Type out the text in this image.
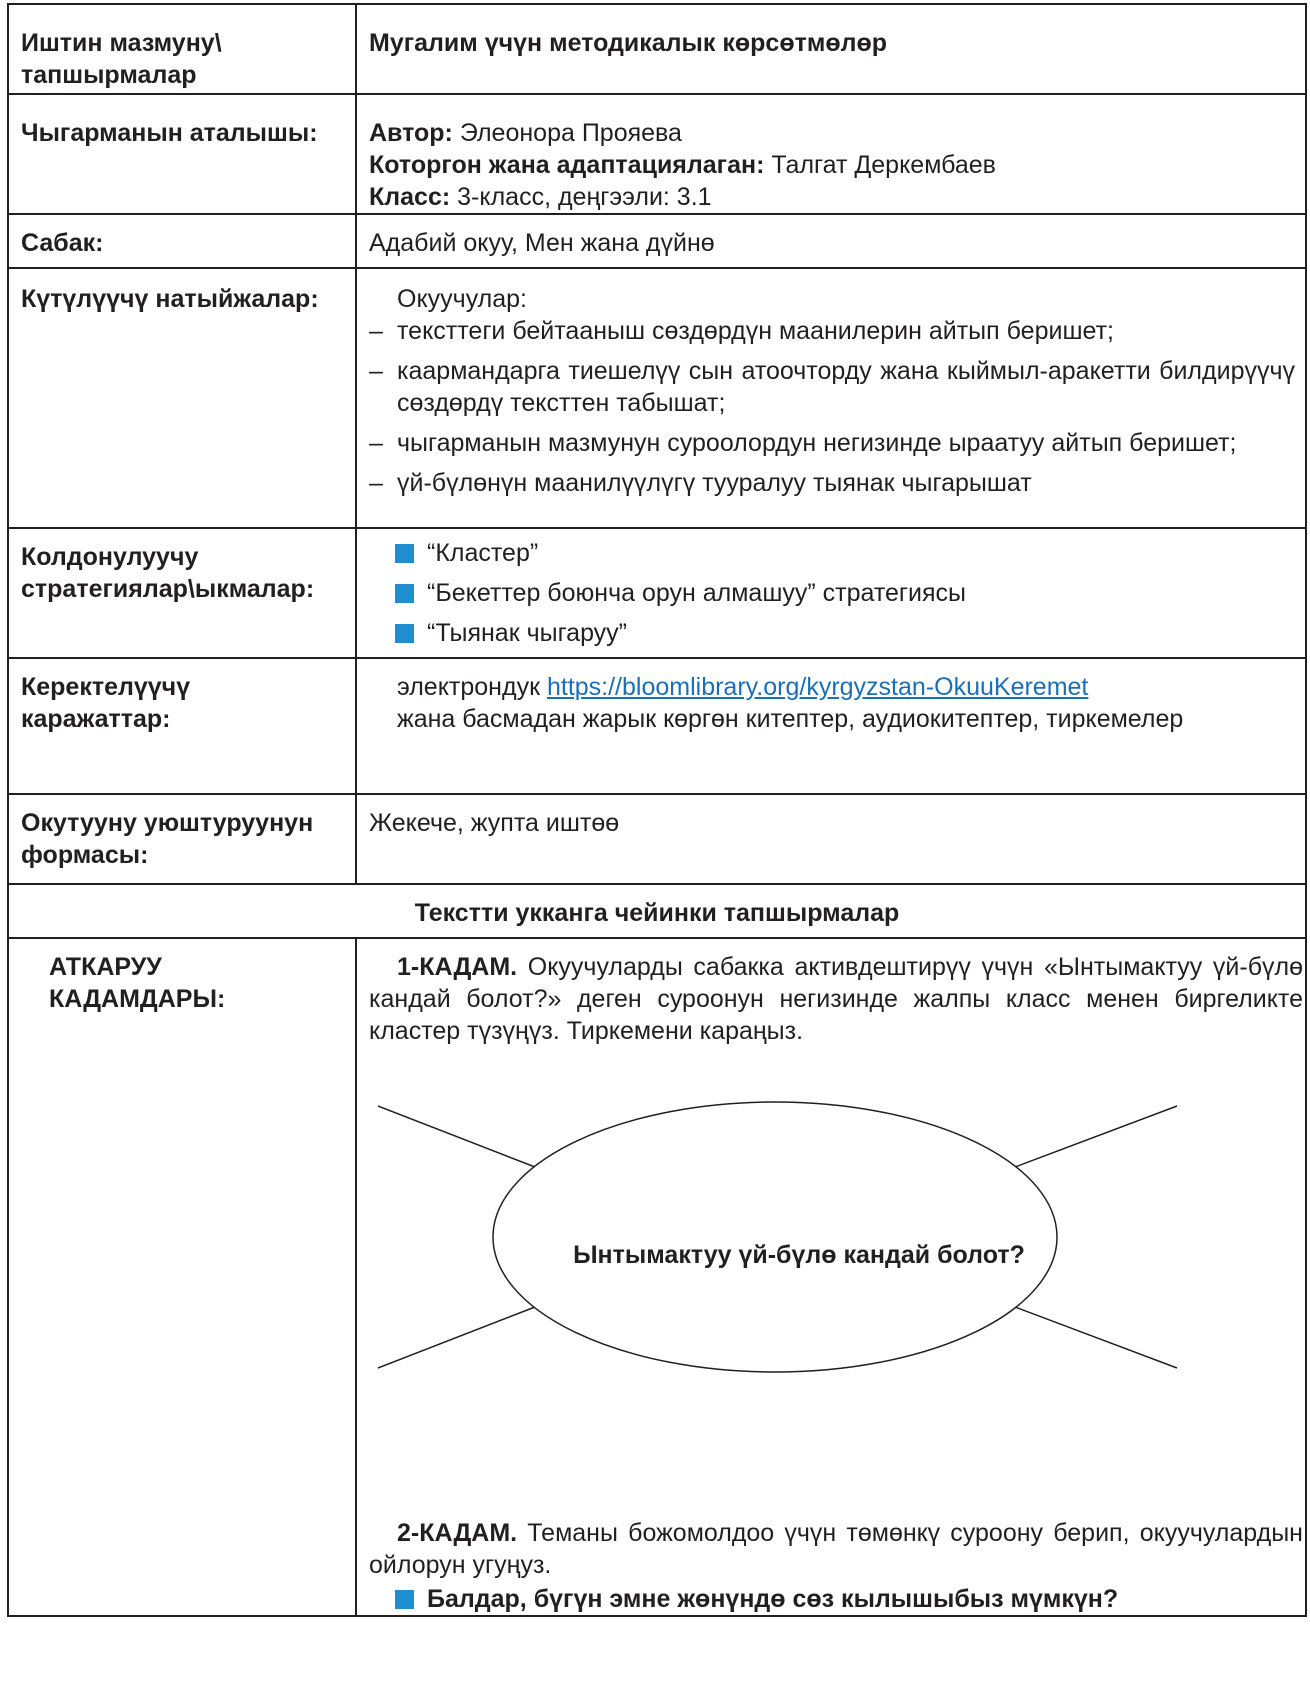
Иштин мазмуну\ тапшырмалар	Мугалим үчүн методикалык көрсөтмөлөр
Чыгарманын аталышы:	Автор: Элеонора Прояева
Которгон жана адаптациялаган: Талгат Деркембаев
Класс: 3-класс, деңгээли: 3.1

Сабак:	Адабий окуу, Мен жана дүйнө
Күтүлүүчү натыйжалар:	Окуучулар:
– тексттеги бейтааныш сөздөрдүн маанилерин айтып беришет;
– каармандарга тиешелүү сын атоочторду жана кыймыл-аракетти билдирүүчү сөздөрдү тексттен табышат;
– чыгарманын мазмунун суроолордун негизинде ыраатуу айтып беришет;
– үй-бүлөнүн маанилүүлүгү тууралуу тыянак чыгарышат

Колдонулуучу стратегиялар\ыкмалар:	“Кластер”
“Бекеттер боюнча орун алмашуу” стратегиясы
“Тыянак чыгаруу”

Керектелүүчү каражаттар:	электрондук https://bloomlibrary.org/kyrgyzstan-OkuuKeremet
жана басмадан жарык көргөн китептер, аудиокитептер, тиркемелер

Окутууну уюштуруунун формасы:	Жекече, жупта иштөө
Текстти укканга чейинки тапшырмалар	

АТКАРУУ КАДАМДАРЫ:	1-КАДАМ. Окуучуларды сабакка активдештирүү үчүн «Ынтымактуу үй-бүлө кандай болот?» деген суроонун негизинде жалпы класс менен биргеликте кластер түзүңүз. Тиркемени караңыз.
Ынтымактуу үй-бүлө кандай болот?
2-КАДАМ. Теманы божомолдоо үчүн төмөнкү суроону берип, окуучулардын ойлорун угуңуз.
Балдар, бүгүн эмне жөнүндө сөз кылышыбыз мүмкүн?
